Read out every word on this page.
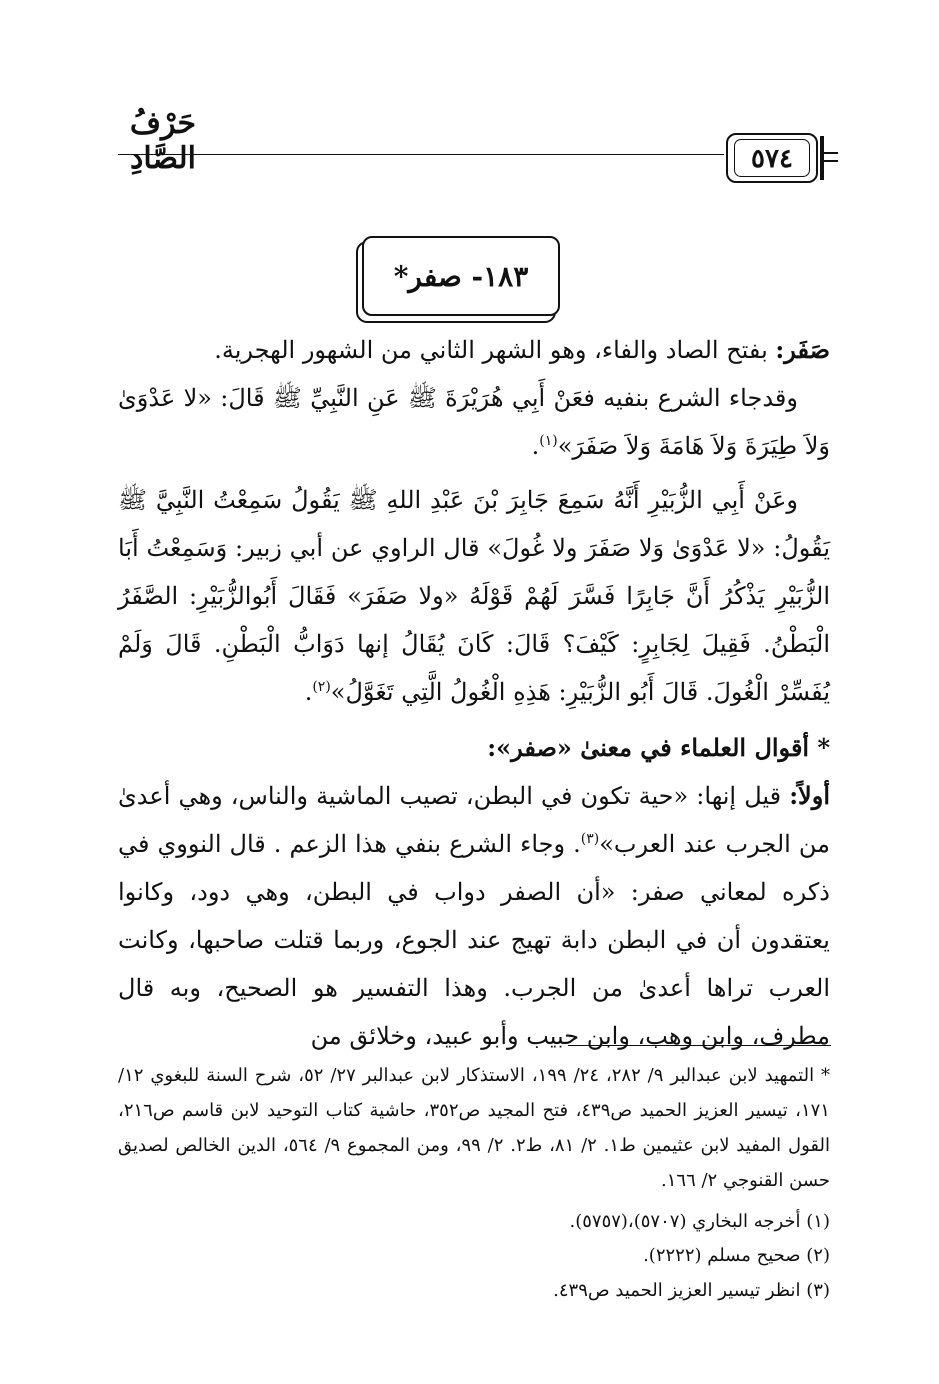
حَرْفُ الصَّادِ	٥٧٤
١٨٣- صفر*
صَفَر: بفتح الصاد والفاء، وهو الشهر الثاني من الشهور الهجرية.
وقدجاء الشرع بنفيه فعَنْ أَبِي هُرَيْرَةَ ﷺ عَنِ النَّبِيِّ ﷺ قَالَ: «لا عَدْوَىٰ وَلاَ طِيَرَةَ وَلاَ هَامَةَ وَلاَ صَفَرَ»$^{(١)}$.
وعَنْ أَبِي الزُّبَيْرِ أَنَّهُ سَمِعَ جَابِرَ بْنَ عَبْدِ اللهِ ﷺ يَقُولُ سَمِعْتُ النَّبِيَّ ﷺ يَقُولُ: «لا عَدْوَىٰ وَلا صَفَرَ ولا غُولَ» قال الراوي عن أبي زبير: وَسَمِعْتُ أَبَا الزُّبَيْرِ يَذْكُرُ أَنَّ جَابِرًا فَسَّرَ لَهُمْ قَوْلَهُ «ولا صَفَرَ» فَقَالَ أَبُوالزُّبَيْرِ: الصَّفَرُ الْبَطْنُ. فَقِيلَ لِجَابِرٍ: كَيْفَ؟ قَالَ: كَانَ يُقَالُ إنها دَوَابُّ الْبَطْنِ. قَالَ وَلَمْ يُفَسِّرْ الْغُولَ. قَالَ أَبُو الزُّبَيْرِ: هَذِهِ الْغُولُ الَّتِي تَغَوَّلُ»$^{(٢)}$.
* أقوال العلماء في معنىٰ «صفر»:
أولاً: قيل إنها: «حية تكون في البطن، تصيب الماشية والناس، وهي أعدىٰ من الجرب عند العرب»$^{(٣)}$. وجاء الشرع بنفي هذا الزعم . قال النووي في ذكره لمعاني صفر: «أن الصفر دواب في البطن، وهي دود، وكانوا يعتقدون أن في البطن دابة تهيج عند الجوع، وربما قتلت صاحبها، وكانت العرب تراها أعدىٰ من الجرب. وهذا التفسير هو الصحيح، وبه قال مطرف، وابن وهب، وابن حبيب وأبو عبيد، وخلائق من
* التمهيد لابن عبدالبر ٩/ ٢٨٢، ٢٤/ ١٩٩، الاستذكار لابن عبدالبر ٢٧/ ٥٢، شرح السنة للبغوي ١٢/ ١٧١، تيسير العزيز الحميد ص٤٣٩، فتح المجيد ص٣٥٢، حاشية كتاب التوحيد لابن قاسم ص٢١٦، القول المفيد لابن عثيمين ط١. ٢/ ٨١، ط٢. ٢/ ٩٩، ومن المجموع ٩/ ٥٦٤، الدين الخالص لصديق حسن القنوجي ٢/ ١٦٦.
(١) أخرجه البخاري (٥٧٠٧)،(٥٧٥٧).
(٢) صحيح مسلم (٢٢٢٢).
(٣) انظر تيسير العزيز الحميد ص٤٣٩.
